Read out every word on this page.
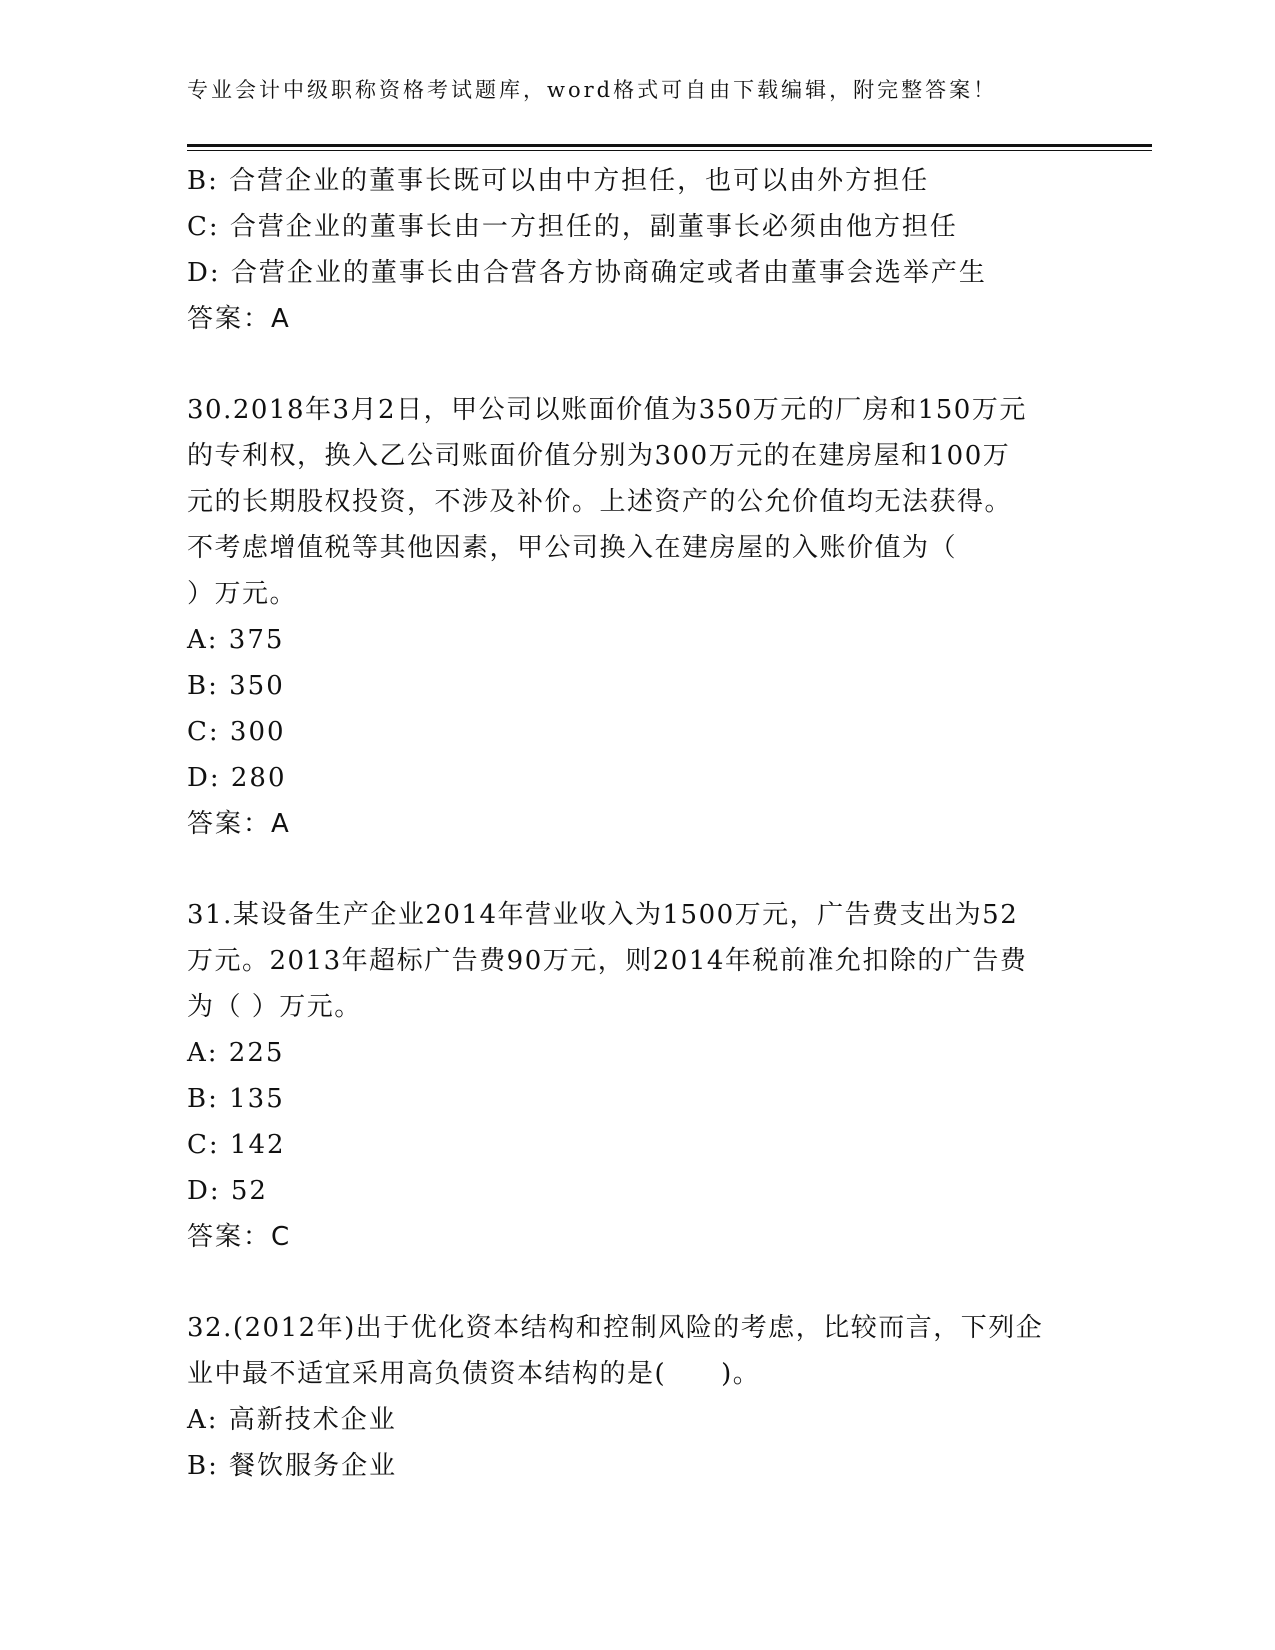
专业会计中级职称资格考试题库，word格式可自由下载编辑，附完整答案！
B: 合营企业的董事长既可以由中方担任，也可以由外方担任
C: 合营企业的董事长由一方担任的，副董事长必须由他方担任
D: 合营企业的董事长由合营各方协商确定或者由董事会选举产生
答案：A
30.2018年3月2日，甲公司以账面价值为350万元的厂房和150万元
的专利权，换入乙公司账面价值分别为300万元的在建房屋和100万
元的长期股权投资，不涉及补价。上述资产的公允价值均无法获得。
不考虑增值税等其他因素，甲公司换入在建房屋的入账价值为（
）万元。
A: 375
B: 350
C: 300
D: 280
答案：A
31.某设备生产企业2014年营业收入为1500万元，广告费支出为52
万元。2013年超标广告费90万元，则2014年税前准允扣除的广告费
为（ ）万元。
A: 225
B: 135
C: 142
D: 52
答案：C
32.(2012年)出于优化资本结构和控制风险的考虑，比较而言，下列企
业中最不适宜采用高负债资本结构的是(　　)。
A: 高新技术企业
B: 餐饮服务企业
